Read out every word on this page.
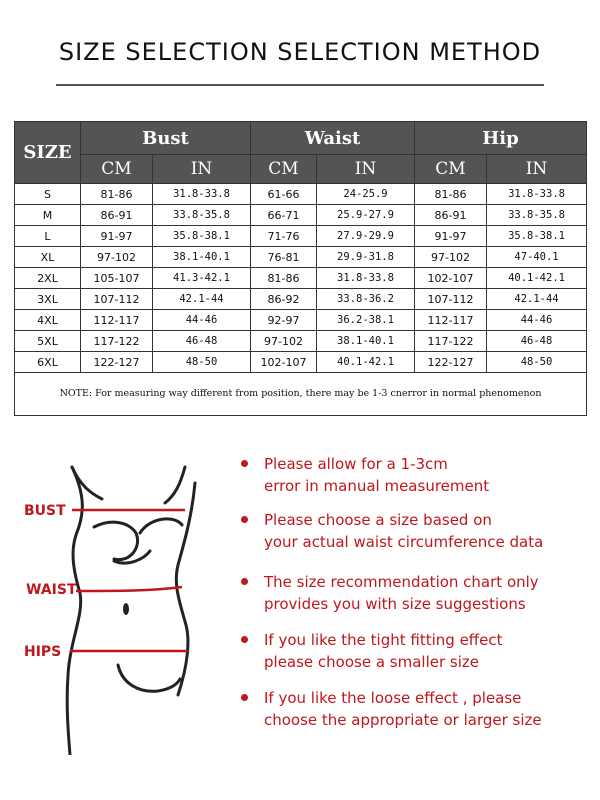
SIZE SELECTION SELECTION METHOD
SIZE	Bust		Waist		Hip	
	CM	IN	CM	IN	CM	IN
S	81-86	31.8-33.8	61-66	24-25.9	81-86	31.8-33.8
M	86-91	33.8-35.8	66-71	25.9-27.9	86-91	33.8-35.8
L	91-97	35.8-38.1	71-76	27.9-29.9	91-97	35.8-38.1
XL	97-102	38.1-40.1	76-81	29.9-31.8	97-102	47-40.1
2XL	105-107	41.3-42.1	81-86	31.8-33.8	102-107	40.1-42.1
3XL	107-112	42.1-44	86-92	33.8-36.2	107-112	42.1-44
4XL	112-117	44-46	92-97	36.2-38.1	112-117	44-46
5XL	117-122	46-48	97-102	38.1-40.1	117-122	46-48
6XL	122-127	48-50	102-107	40.1-42.1	122-127	48-50
NOTE: For measuring way different from position, there may be 1-3 cnerror in normal phenomenon						
BUST
WAIST
HIPS

Please allow for a 1-3cm
error in manual measurement

Please choose a size based on
your actual waist circumference data

The size recommendation chart only
provides you with size suggestions

If you like the tight fitting effect
please choose a smaller size

If you like the loose effect , please
choose the appropriate or larger size
